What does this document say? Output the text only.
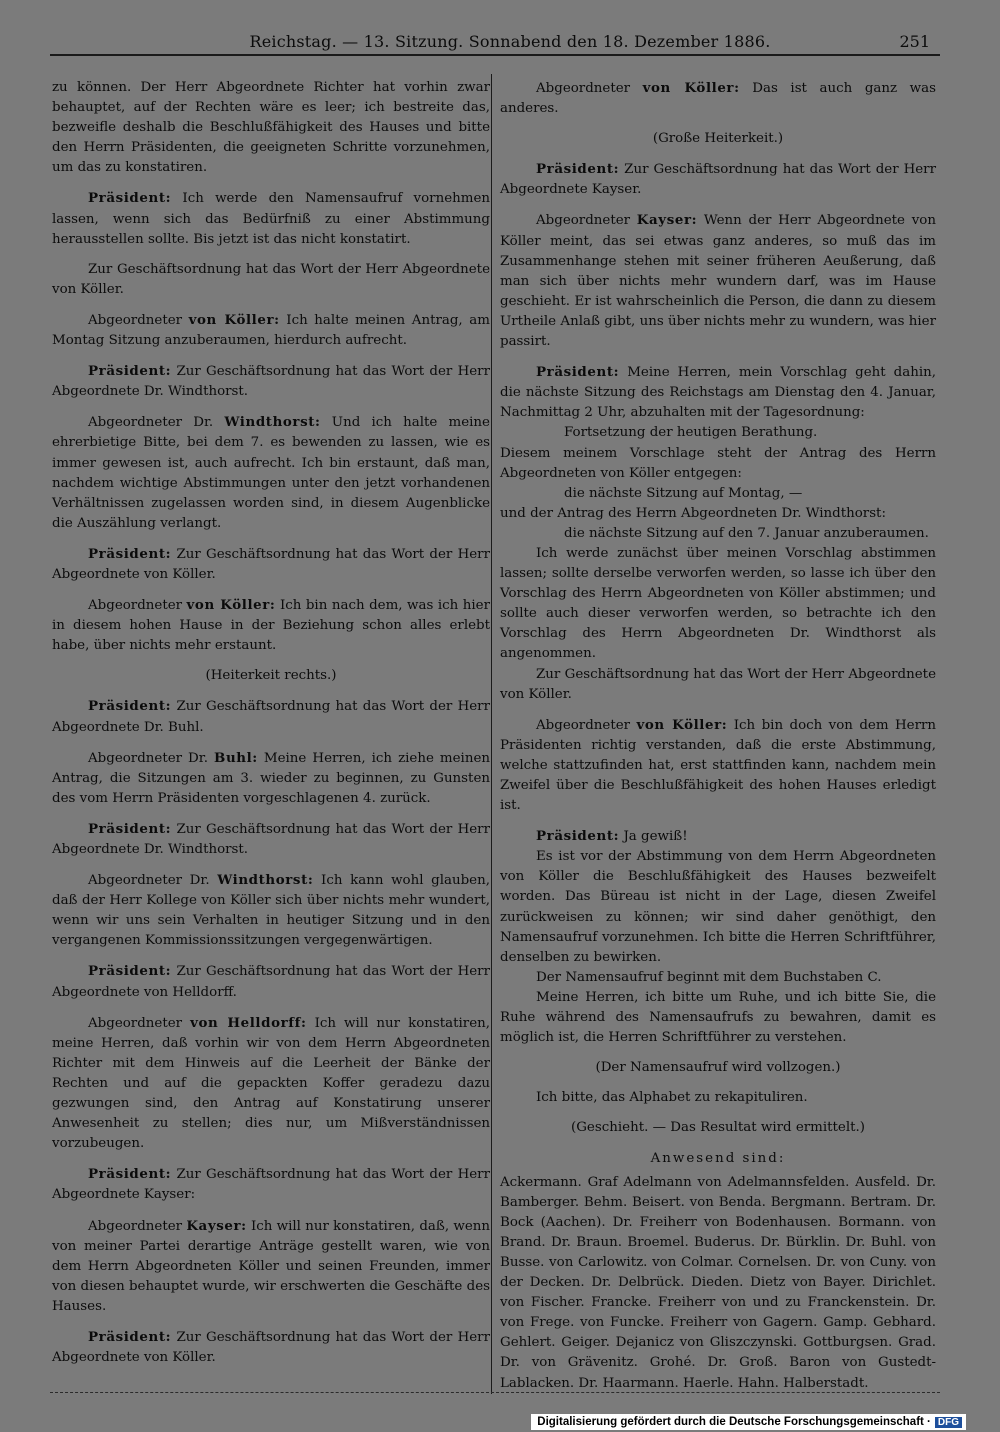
Reichstag. — 13. Sitzung. Sonnabend den 18. Dezember 1886.	251

zu können. Der Herr Abgeordnete Richter hat vorhin zwar behauptet, auf der Rechten wäre es leer; ich bestreite das, bezweifle deshalb die Beschlußfähigkeit des Hauses und bitte den Herrn Präsidenten, die geeigneten Schritte vorzunehmen, um das zu konstatiren.

Präsident: Ich werde den Namensaufruf vornehmen lassen, wenn sich das Bedürfniß zu einer Abstimmung herausstellen sollte. Bis jetzt ist das nicht konstatirt.

Zur Geschäftsordnung hat das Wort der Herr Abgeordnete von Köller.

Abgeordneter von Köller: Ich halte meinen Antrag, am Montag Sitzung anzuberaumen, hierdurch aufrecht.

Präsident: Zur Geschäftsordnung hat das Wort der Herr Abgeordnete Dr. Windthorst.

Abgeordneter Dr. Windthorst: Und ich halte meine ehrerbietige Bitte, bei dem 7. es bewenden zu lassen, wie es immer gewesen ist, auch aufrecht. Ich bin erstaunt, daß man, nachdem wichtige Abstimmungen unter den jetzt vorhandenen Verhältnissen zugelassen worden sind, in diesem Augenblicke die Auszählung verlangt.

Präsident: Zur Geschäftsordnung hat das Wort der Herr Abgeordnete von Köller.

Abgeordneter von Köller: Ich bin nach dem, was ich hier in diesem hohen Hause in der Beziehung schon alles erlebt habe, über nichts mehr erstaunt.

(Heiterkeit rechts.)

Präsident: Zur Geschäftsordnung hat das Wort der Herr Abgeordnete Dr. Buhl.

Abgeordneter Dr. Buhl: Meine Herren, ich ziehe meinen Antrag, die Sitzungen am 3. wieder zu beginnen, zu Gunsten des vom Herrn Präsidenten vorgeschlagenen 4. zurück.

Präsident: Zur Geschäftsordnung hat das Wort der Herr Abgeordnete Dr. Windthorst.

Abgeordneter Dr. Windthorst: Ich kann wohl glauben, daß der Herr Kollege von Köller sich über nichts mehr wundert, wenn wir uns sein Verhalten in heutiger Sitzung und in den vergangenen Kommissionssitzungen vergegenwärtigen.

Präsident: Zur Geschäftsordnung hat das Wort der Herr Abgeordnete von Helldorff.

Abgeordneter von Helldorff: Ich will nur konstatiren, meine Herren, daß vorhin wir von dem Herrn Abgeordneten Richter mit dem Hinweis auf die Leerheit der Bänke der Rechten und auf die gepackten Koffer geradezu dazu gezwungen sind, den Antrag auf Konstatirung unserer Anwesenheit zu stellen; dies nur, um Mißverständnissen vorzubeugen.

Präsident: Zur Geschäftsordnung hat das Wort der Herr Abgeordnete Kayser:

Abgeordneter Kayser: Ich will nur konstatiren, daß, wenn von meiner Partei derartige Anträge gestellt waren, wie von dem Herrn Abgeordneten Köller und seinen Freunden, immer von diesen behauptet wurde, wir erschwerten die Geschäfte des Hauses.

Präsident: Zur Geschäftsordnung hat das Wort der Herr Abgeordnete von Köller.

Abgeordneter von Köller: Das ist auch ganz was anderes.

(Große Heiterkeit.)

Präsident: Zur Geschäftsordnung hat das Wort der Herr Abgeordnete Kayser.

Abgeordneter Kayser: Wenn der Herr Abgeordnete von Köller meint, das sei etwas ganz anderes, so muß das im Zusammenhange stehen mit seiner früheren Aeußerung, daß man sich über nichts mehr wundern darf, was im Hause geschieht. Er ist wahrscheinlich die Person, die dann zu diesem Urtheile Anlaß gibt, uns über nichts mehr zu wundern, was hier passirt.

Präsident: Meine Herren, mein Vorschlag geht dahin, die nächste Sitzung des Reichstags am Dienstag den 4. Januar, Nachmittag 2 Uhr, abzuhalten mit der Tagesordnung:

Fortsetzung der heutigen Berathung.

Diesem meinem Vorschlage steht der Antrag des Herrn Abgeordneten von Köller entgegen:

die nächste Sitzung auf Montag, —

und der Antrag des Herrn Abgeordneten Dr. Windthorst:

die nächste Sitzung auf den 7. Januar anzuberaumen.

Ich werde zunächst über meinen Vorschlag abstimmen lassen; sollte derselbe verworfen werden, so lasse ich über den Vorschlag des Herrn Abgeordneten von Köller abstimmen; und sollte auch dieser verworfen werden, so betrachte ich den Vorschlag des Herrn Abgeordneten Dr. Windthorst als angenommen.

Zur Geschäftsordnung hat das Wort der Herr Abgeordnete von Köller.

Abgeordneter von Köller: Ich bin doch von dem Herrn Präsidenten richtig verstanden, daß die erste Abstimmung, welche stattzufinden hat, erst stattfinden kann, nachdem mein Zweifel über die Beschlußfähigkeit des hohen Hauses erledigt ist.

Präsident: Ja gewiß!

Es ist vor der Abstimmung von dem Herrn Abgeordneten von Köller die Beschlußfähigkeit des Hauses bezweifelt worden. Das Büreau ist nicht in der Lage, diesen Zweifel zurückweisen zu können; wir sind daher genöthigt, den Namensaufruf vorzunehmen. Ich bitte die Herren Schriftführer, denselben zu bewirken.

Der Namensaufruf beginnt mit dem Buchstaben C.

Meine Herren, ich bitte um Ruhe, und ich bitte Sie, die Ruhe während des Namensaufrufs zu bewahren, damit es möglich ist, die Herren Schriftführer zu verstehen.

(Der Namensaufruf wird vollzogen.)

Ich bitte, das Alphabet zu rekapituliren.

(Geschieht. — Das Resultat wird ermittelt.)

Anwesend sind:

Ackermann. Graf Adelmann von Adelmannsfelden. Ausfeld. Dr. Bamberger. Behm. Beisert. von Benda. Bergmann. Bertram. Dr. Bock (Aachen). Dr. Freiherr von Bodenhausen. Bormann. von Brand. Dr. Braun. Broemel. Buderus. Dr. Bürklin. Dr. Buhl. von Busse. von Carlowitz. von Colmar. Cornelsen. Dr. von Cuny. von der Decken. Dr. Delbrück. Dieden. Dietz von Bayer. Dirichlet. von Fischer. Francke. Freiherr von und zu Franckenstein. Dr. von Frege. von Funcke. Freiherr von Gagern. Gamp. Gebhard. Gehlert. Geiger. Dejanicz von Gliszczynski. Gottburgsen. Grad. Dr. von Grävenitz. Grohé. Dr. Groß. Baron von Gustedt-Lablacken. Dr. Haarmann. Haerle. Hahn. Halberstadt.

Digitalisierung gefördert durch die Deutsche Forschungsgemeinschaft · DFG
